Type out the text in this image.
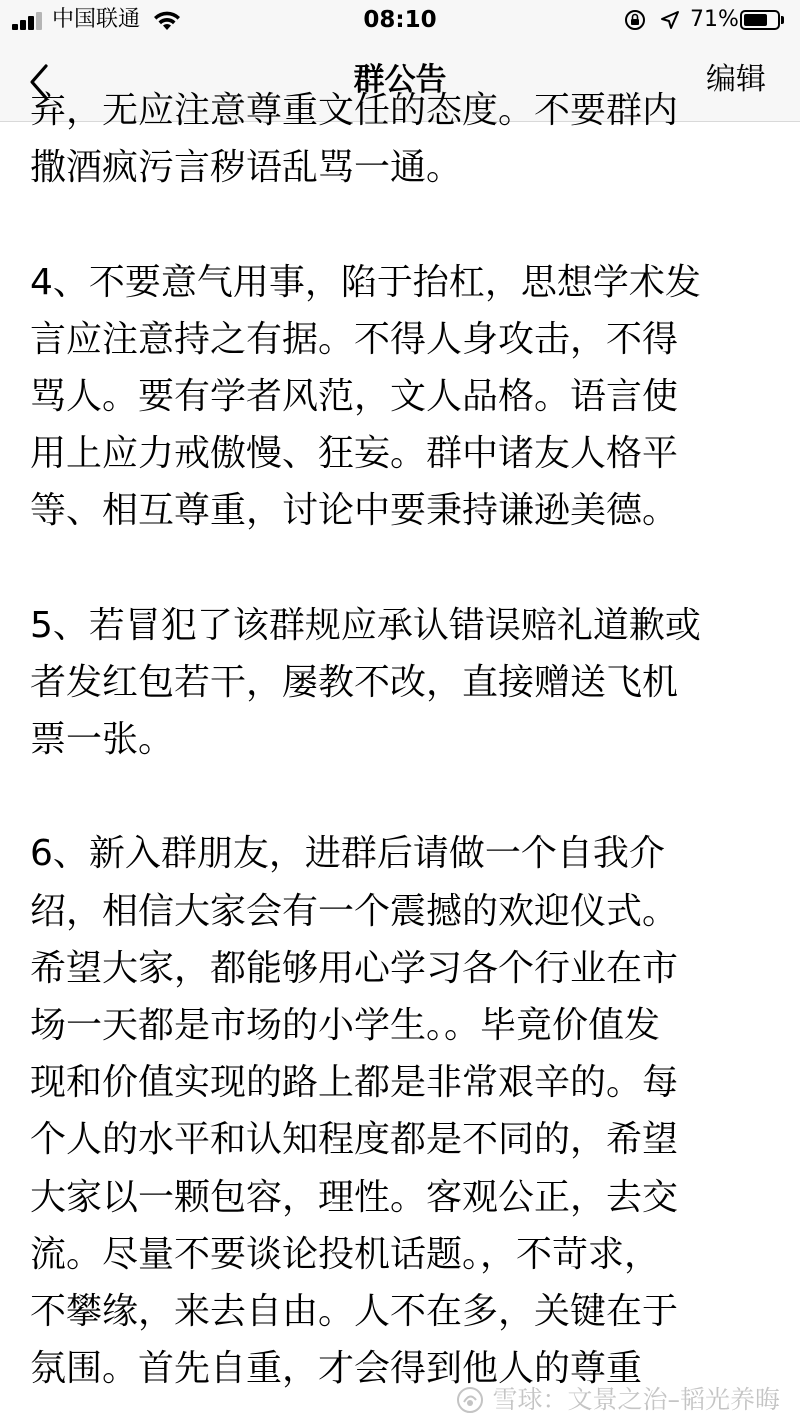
中国联通	08:10	71%
群公告	编辑
弃，无应注意尊重文任的态度。不要群内
撒酒疯污言秽语乱骂一通。
4、不要意气用事，陷于抬杠，思想学术发
言应注意持之有据。不得人身攻击，不得
骂人。要有学者风范，文人品格。语言使
用上应力戒傲慢、狂妄。群中诸友人格平
等、相互尊重，讨论中要秉持谦逊美德。
5、若冒犯了该群规应承认错误赔礼道歉或
者发红包若干，屡教不改，直接赠送飞机
票一张。
6、新入群朋友，进群后请做一个自我介
绍，相信大家会有一个震撼的欢迎仪式。
希望大家，都能够用心学习各个行业在市
场一天都是市场的小学生。。毕竟价值发
现和价值实现的路上都是非常艰辛的。每
个人的水平和认知程度都是不同的，希望
大家以一颗包容，理性。客观公正，去交
流。尽量不要谈论投机话题。，不苛求，
不攀缘，来去自由。人不在多，关键在于
氛围。首先自重，才会得到他人的尊重
雪球：文景之治–韬光养晦
